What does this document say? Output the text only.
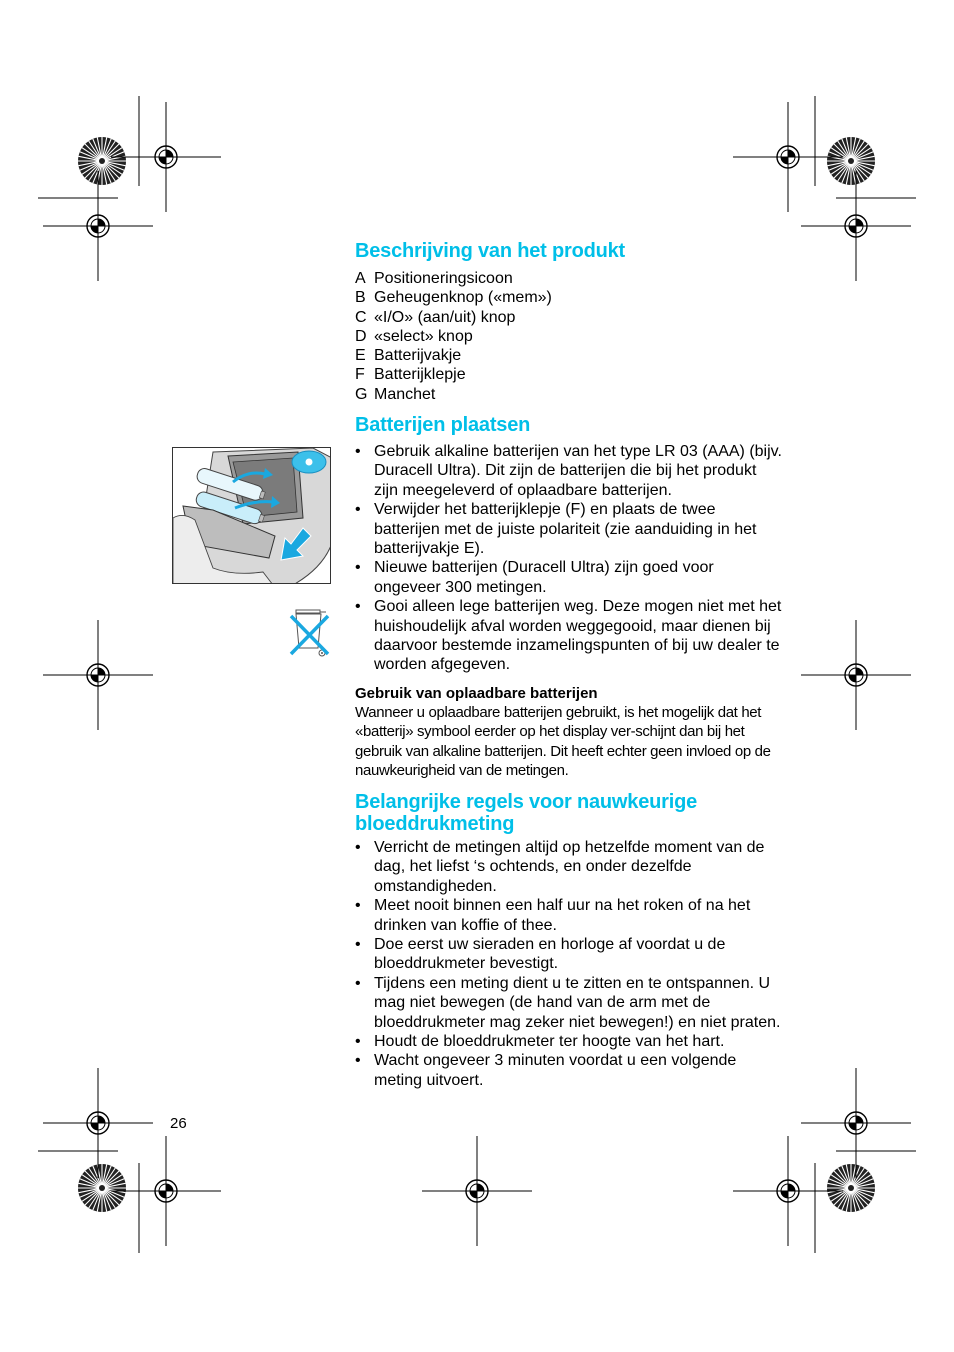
Beschrijving van het produkt
A Positioneringsicoon
B Geheugenknop («mem»)
C «I/O» (aan/uit) knop
D «select» knop
E Batterijvakje
F Batterijklepje
G Manchet
Batterijen plaatsen
• Gebruik alkaline batterijen van het type LR 03 (AAA) (bijv. Duracell Ultra). Dit zijn de batterijen die bij het produkt zijn meegeleverd of oplaadbare batterijen.
• Verwijder het batterijklepje (F) en plaats de twee batterijen met de juiste polariteit (zie aanduiding in het batterijvakje E).
• Nieuwe batterijen (Duracell Ultra) zijn goed voor ongeveer 300 metingen.
• Gooi alleen lege batterijen weg. Deze mogen niet met het huishoudelijk afval worden weggegooid, maar dienen bij daarvoor bestemde inzamelingspunten of bij uw dealer te worden afgegeven.
Gebruik van oplaadbare batterijen
Wanneer u oplaadbare batterijen gebruikt, is het mogelijk dat het «batterij» symbool eerder op het display ver-schijnt dan bij het gebruik van alkaline batterijen. Dit heeft echter geen invloed op de nauwkeurigheid van de metingen.
Belangrijke regels voor nauwkeurige bloeddrukmeting
• Verricht de metingen altijd op hetzelfde moment van de dag, het liefst ‘s ochtends, en onder dezelfde omstandigheden.
• Meet nooit binnen een half uur na het roken of na het drinken van koffie of thee.
• Doe eerst uw sieraden en horloge af voordat u de bloeddrukmeter bevestigt.
• Tijdens een meting dient u te zitten en te ontspannen. U mag niet bewegen (de hand van de arm met de bloeddrukmeter mag zeker niet bewegen!) en niet praten.
• Houdt de bloeddrukmeter ter hoogte van het hart.
• Wacht ongeveer 3 minuten voordat u een volgende meting uitvoert.
26
